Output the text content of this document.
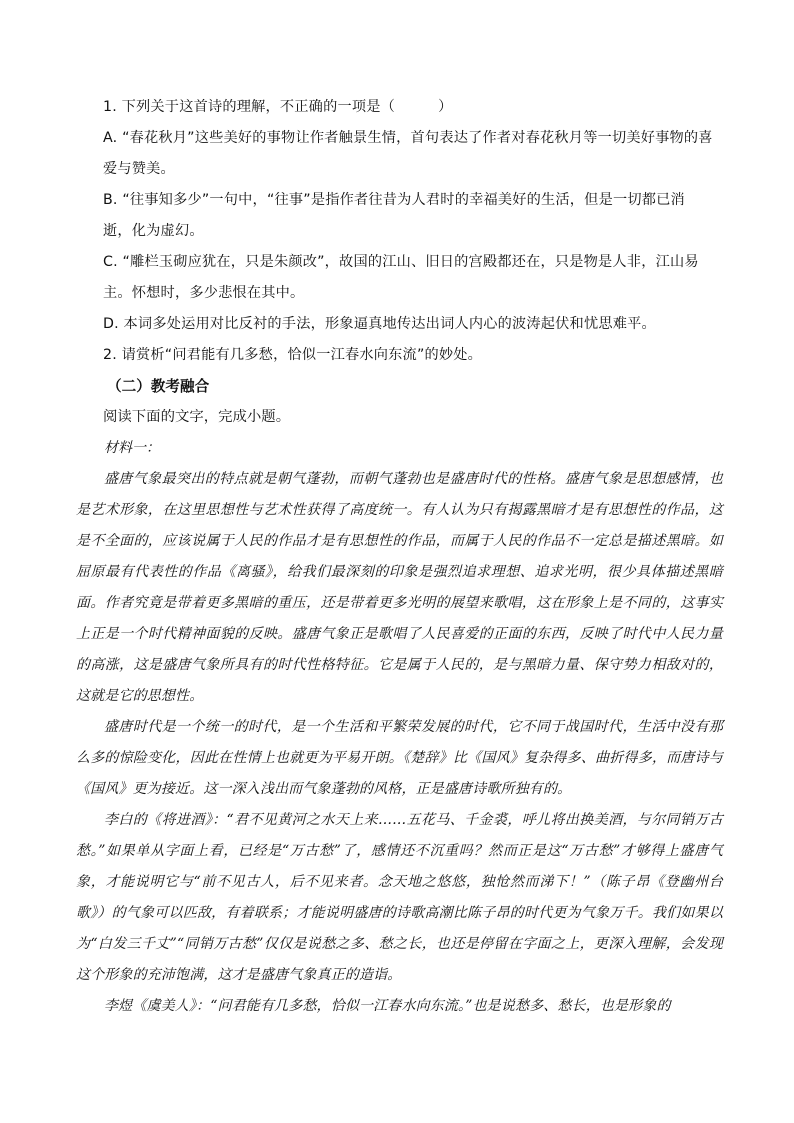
1. 下列关于这首诗的理解，不正确的一项是（　　　）
A. “春花秋月”这些美好的事物让作者触景生情，首句表达了作者对春花秋月等一切美好事物的喜爱与赞美。
B. “往事知多少”一句中，“往事”是指作者往昔为人君时的幸福美好的生活，但是一切都已消逝，化为虚幻。
C. “雕栏玉砌应犹在，只是朱颜改”，故国的江山、旧日的宫殿都还在，只是物是人非，江山易主。怀想时，多少悲恨在其中。
D. 本词多处运用对比反衬的手法，形象逼真地传达出词人内心的波涛起伏和忧思难平。
2. 请赏析“问君能有几多愁，恰似一江春水向东流”的妙处。
（二）教考融合
阅读下面的文字，完成小题。
材料一：
盛唐气象最突出的特点就是朝气蓬勃，而朝气蓬勃也是盛唐时代的性格。盛唐气象是思想感情，也是艺术形象，在这里思想性与艺术性获得了高度统一。有人认为只有揭露黑暗才是有思想性的作品，这是不全面的，应该说属于人民的作品才是有思想性的作品，而属于人民的作品不一定总是描述黑暗。如屈原最有代表性的作品《离骚》，给我们最深刻的印象是强烈追求理想、追求光明，很少具体描述黑暗面。作者究竟是带着更多黑暗的重压，还是带着更多光明的展望来歌唱，这在形象上是不同的，这事实上正是一个时代精神面貌的反映。盛唐气象正是歌唱了人民喜爱的正面的东西，反映了时代中人民力量的高涨，这是盛唐气象所具有的时代性格特征。它是属于人民的，是与黑暗力量、保守势力相敌对的，这就是它的思想性。
盛唐时代是一个统一的时代，是一个生活和平繁荣发展的时代，它不同于战国时代，生活中没有那么多的惊险变化，因此在性情上也就更为平易开朗。《楚辞》比《国风》复杂得多、曲折得多，而唐诗与《国风》更为接近。这一深入浅出而气象蓬勃的风格，正是盛唐诗歌所独有的。
李白的《将进酒》：“君不见黄河之水天上来……五花马、千金裘，呼儿将出换美酒，与尔同销万古愁。”如果单从字面上看，已经是“万古愁”了，感情还不沉重吗？然而正是这“万古愁”才够得上盛唐气象，才能说明它与“前不见古人，后不见来者。念天地之悠悠，独怆然而涕下！”（陈子昂《登幽州台歌》）的气象可以匹敌，有着联系；才能说明盛唐的诗歌高潮比陈子昂的时代更为气象万千。我们如果以为“白发三千丈”“同销万古愁”仅仅是说愁之多、愁之长，也还是停留在字面之上，更深入理解，会发现这个形象的充沛饱满，这才是盛唐气象真正的造诣。
李煜《虞美人》：“问君能有几多愁，恰似一江春水向东流。”也是说愁多、愁长，也是形象的
